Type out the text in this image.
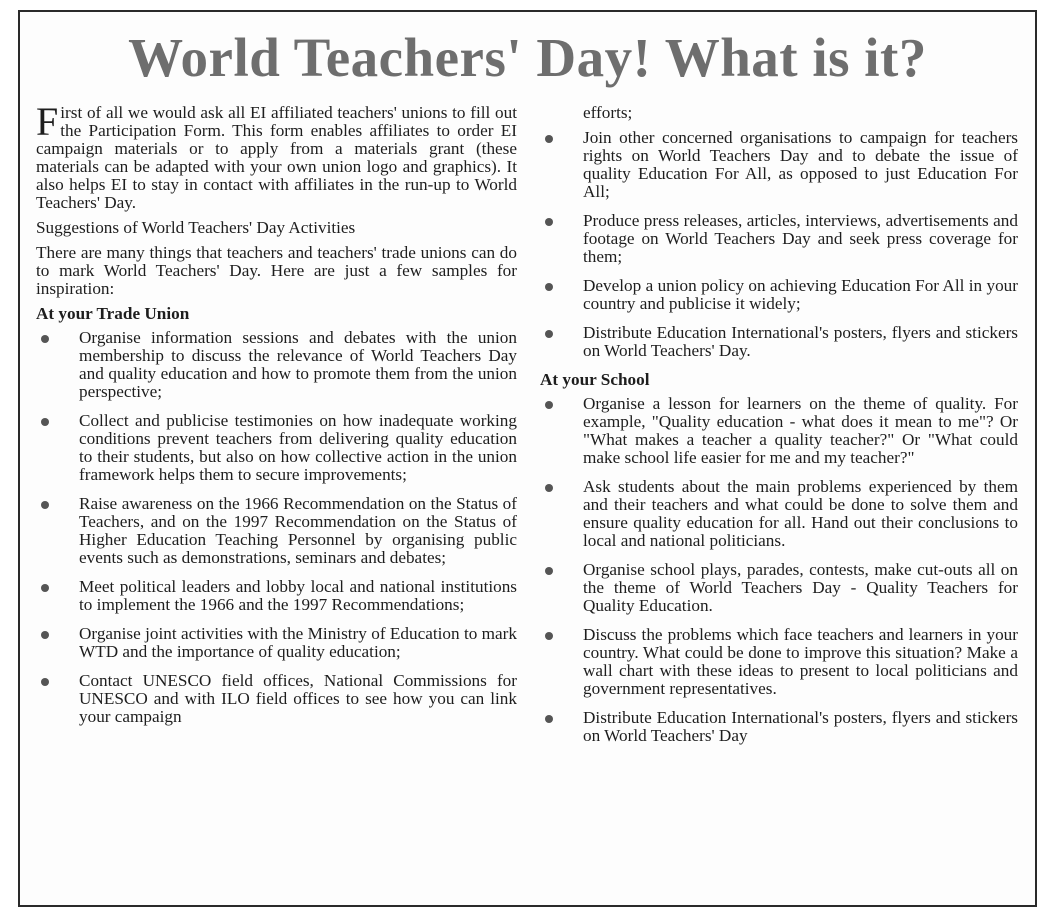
World Teachers' Day! What is it?

First of all we would ask all EI affiliated teachers' unions to fill out the Participation Form. This form enables affiliates to order EI campaign materials or to apply from a materials grant (these materials can be adapted with your own union logo and graphics). It also helps EI to stay in contact with affiliates in the run-up to World Teachers' Day.

Suggestions of World Teachers' Day Activities

There are many things that teachers and teachers' trade unions can do to mark World Teachers' Day. Here are just a few samples for inspiration:

At your Trade Union
Organise information sessions and debates with the union membership to discuss the relevance of World Teachers Day and quality education and how to promote them from the union perspective;
Collect and publicise testimonies on how inadequate working conditions prevent teachers from delivering quality education to their students, but also on how collective action in the union framework helps them to secure improvements;
Raise awareness on the 1966 Recommendation on the Status of Teachers, and on the 1997 Recommendation on the Status of Higher Education Teaching Personnel by organising public events such as demonstrations, seminars and debates;
Meet political leaders and lobby local and national institutions to implement the 1966 and the 1997 Recommendations;
Organise joint activities with the Ministry of Education to mark WTD and the importance of quality education;
Contact UNESCO field offices, National Commissions for UNESCO and with ILO field offices to see how you can link your campaign

efforts;

Join other concerned organisations to campaign for teachers rights on World Teachers Day and to debate the issue of quality Education For All, as opposed to just Education For All;
Produce press releases, articles, interviews, advertisements and footage on World Teachers Day and seek press coverage for them;
Develop a union policy on achieving Education For All in your country and publicise it widely;
Distribute Education International's posters, flyers and stickers on World Teachers' Day.
At your School
Organise a lesson for learners on the theme of quality. For example, "Quality education - what does it mean to me"? Or "What makes a teacher a quality teacher?" Or "What could make school life easier for me and my teacher?"
Ask students about the main problems experienced by them and their teachers and what could be done to solve them and ensure quality education for all. Hand out their conclusions to local and national politicians.
Organise school plays, parades, contests, make cut-outs all on the theme of World Teachers Day - Quality Teachers for Quality Education.
Discuss the problems which face teachers and learners in your country. What could be done to improve this situation? Make a wall chart with these ideas to present to local politicians and government representatives.
Distribute Education International's posters, flyers and stickers on World Teachers' Day
